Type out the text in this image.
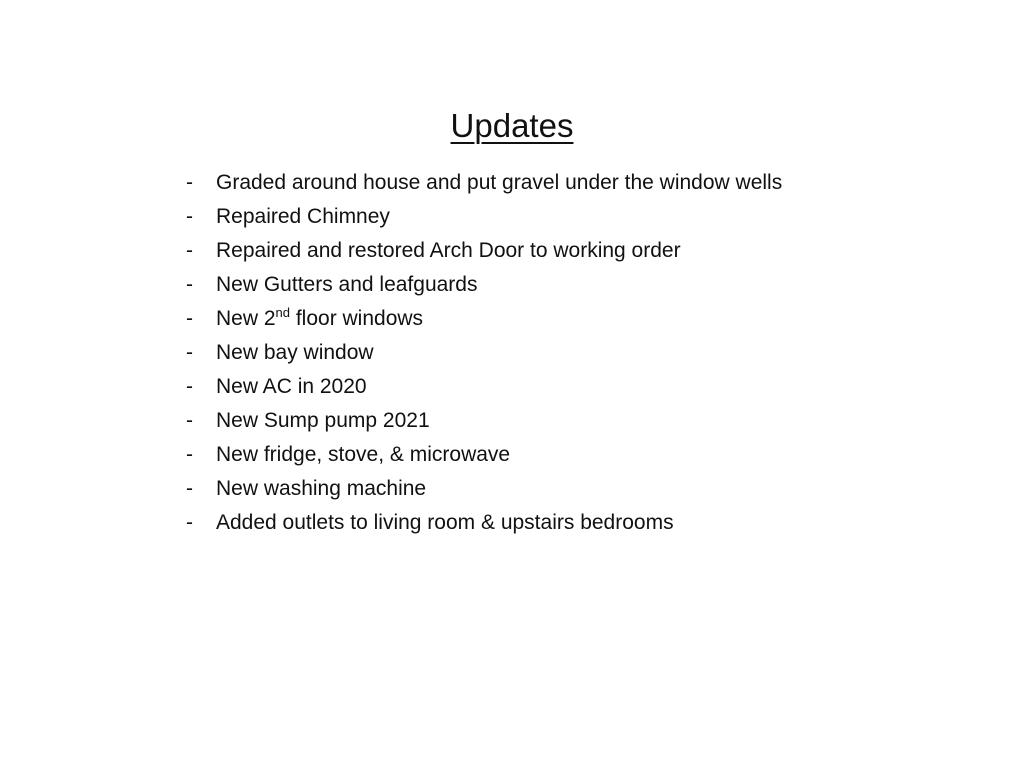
Updates
- Graded around house and put gravel under the window wells
- Repaired Chimney
- Repaired and restored Arch Door to working order
- New Gutters and leafguards
- New 2nd floor windows
- New bay window
- New AC in 2020
- New Sump pump 2021
- New fridge, stove, & microwave
- New washing machine
- Added outlets to living room & upstairs bedrooms
